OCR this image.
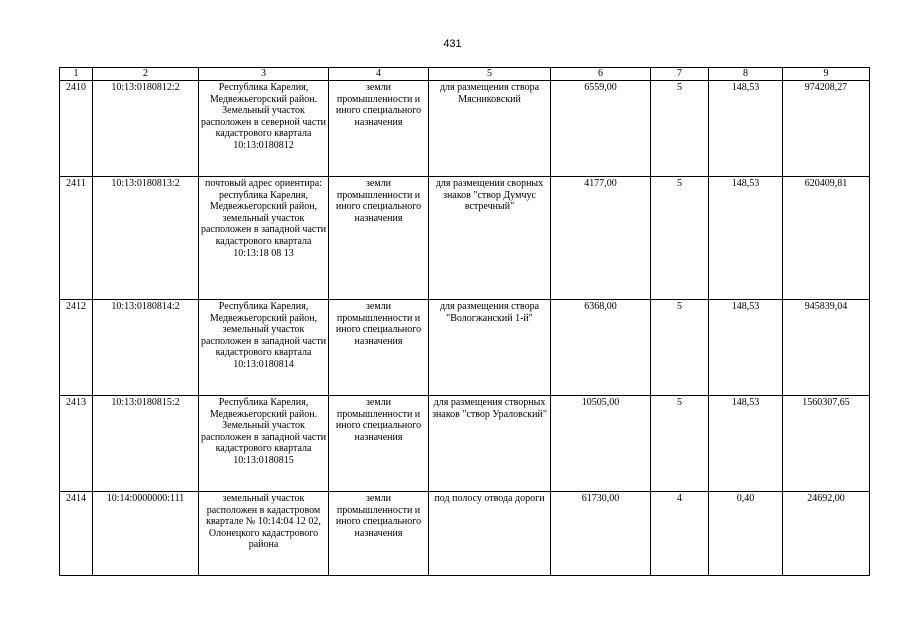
431
1	2	3	4	5	6	7	8	9
2410	10:13:0180812:2	Республика Карелия, Медвежьегорский район. Земельный участок расположен в северной части кадастрового квартала 10:13:0180812	земли промышленности и иного специального назначения	для размещения створа Мясниковский	6559,00	5	148,53	974208,27
2411	10:13:0180813:2	почтовый адрес ориентира: республика Карелия, Медвежьегорский район, земельный участок расположен в западной части кадастрового квартала 10:13:18 08 13	земли промышленности и иного специального назначения	для размещения сворных знаков "створ Думчус встречный"	4177,00	5	148,53	620409,81
2412	10:13:0180814:2	Республика Карелия, Медвежьегорский район, земельный участок расположен в западной части кадастрового квартала 10:13:0180814	земли промышленности и иного специального назначения	для размещения створа "Вологжанский 1-й"	6368,00	5	148,53	945839,04
2413	10:13:0180815:2	Республика Карелия, Медвежьегорский район. Земельный участок расположен в западной части кадастрового квартала 10:13:0180815	земли промышленности и иного специального назначения	для размещения створных знаков "створ Ураловский"	10505,00	5	148,53	1560307,65
2414	10:14:0000000:111	земельный участок расположен в кадастровом квартале № 10:14:04 12 02, Олонецкого кадастрового района	земли промышленности и иного специального назначения	под полосу отвода дороги	61730,00	4	0,40	24692,00
